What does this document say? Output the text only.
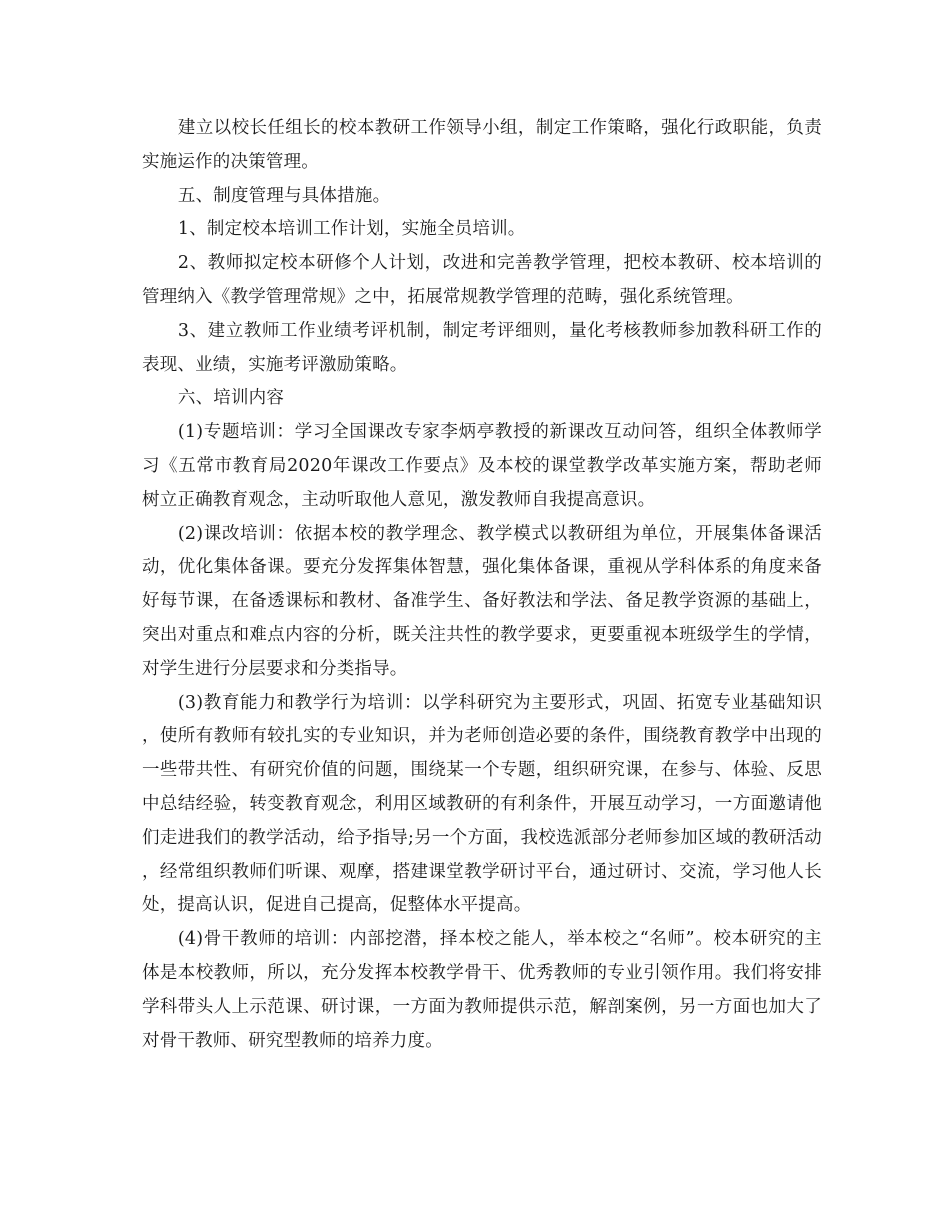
建立以校长任组长的校本教研工作领导小组，制定工作策略，强化行政职能，负责实施运作的决策管理。

五、制度管理与具体措施。

1、制定校本培训工作计划，实施全员培训。

2、教师拟定校本研修个人计划，改进和完善教学管理，把校本教研、校本培训的管理纳入《教学管理常规》之中，拓展常规教学管理的范畴，强化系统管理。

3、建立教师工作业绩考评机制，制定考评细则，量化考核教师参加教科研工作的表现、业绩，实施考评激励策略。

六、培训内容

(1)专题培训：学习全国课改专家李炳亭教授的新课改互动问答，组织全体教师学习《五常市教育局2020年课改工作要点》及本校的课堂教学改革实施方案，帮助老师树立正确教育观念，主动听取他人意见，激发教师自我提高意识。

(2)课改培训：依据本校的教学理念、教学模式以教研组为单位，开展集体备课活动，优化集体备课。要充分发挥集体智慧，强化集体备课，重视从学科体系的角度来备好每节课，在备透课标和教材、备准学生、备好教法和学法、备足教学资源的基础上，突出对重点和难点内容的分析，既关注共性的教学要求，更要重视本班级学生的学情，对学生进行分层要求和分类指导。

(3)教育能力和教学行为培训：以学科研究为主要形式，巩固、拓宽专业基础知识，使所有教师有较扎实的专业知识，并为老师创造必要的条件，围绕教育教学中出现的一些带共性、有研究价值的问题，围绕某一个专题，组织研究课，在参与、体验、反思中总结经验，转变教育观念，利用区域教研的有利条件，开展互动学习，一方面邀请他们走进我们的教学活动，给予指导;另一个方面，我校选派部分老师参加区域的教研活动，经常组织教师们听课、观摩，搭建课堂教学研讨平台，通过研讨、交流，学习他人长处，提高认识，促进自己提高，促整体水平提高。

(4)骨干教师的培训：内部挖潜，择本校之能人，举本校之“名师”。校本研究的主体是本校教师，所以，充分发挥本校教学骨干、优秀教师的专业引领作用。我们将安排学科带头人上示范课、研讨课，一方面为教师提供示范，解剖案例，另一方面也加大了对骨干教师、研究型教师的培养力度。
